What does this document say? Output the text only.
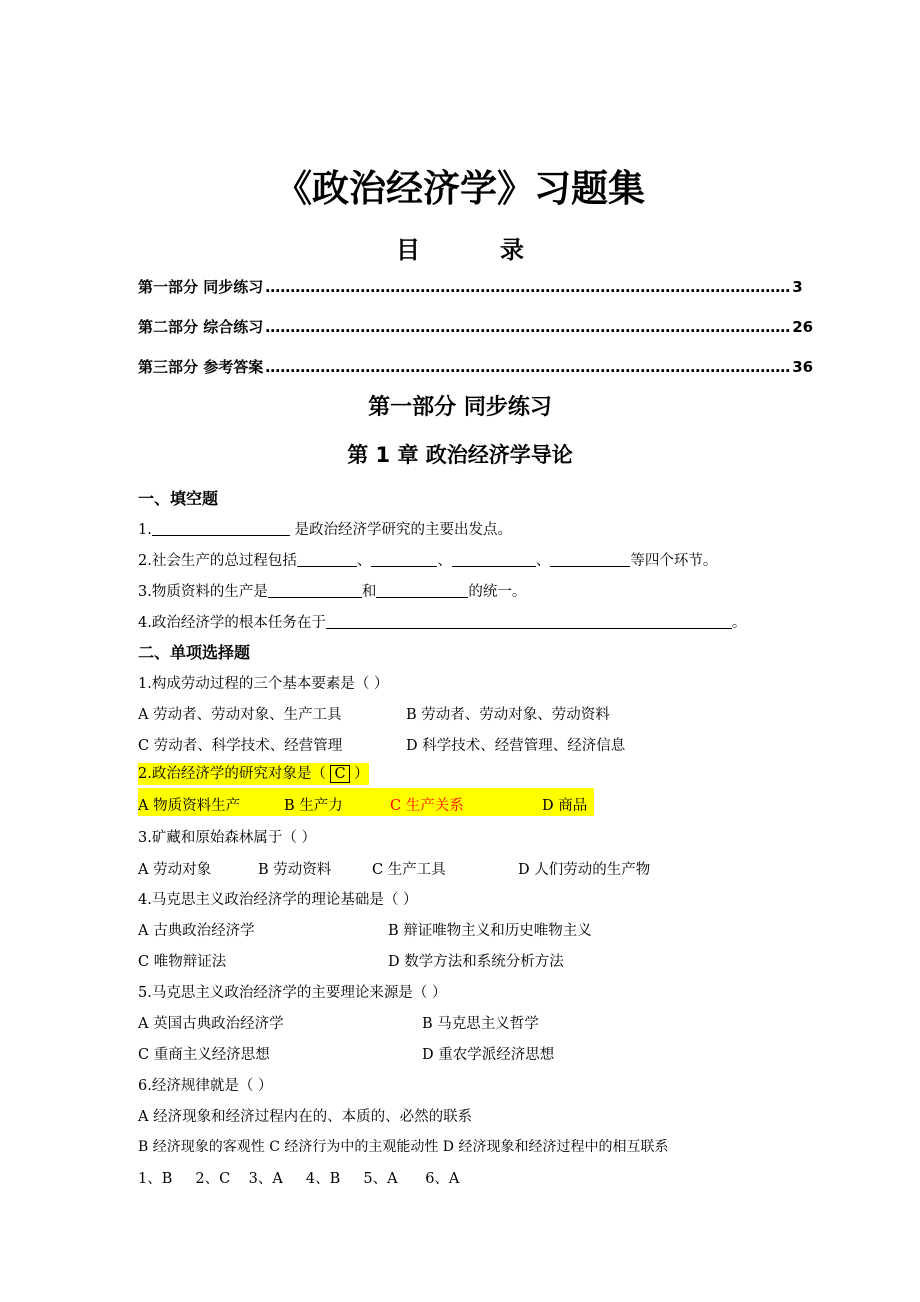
《政治经济学》习题集
目	录
第一部分 同步练习 …………………………………………………………………………………………… 3
第二部分 综合练习 …………………………………………………………………………………………… 26
第三部分 参考答案 …………………………………………………………………………………………… 36
第一部分 同步练习
第 1 章 政治经济学导论
一、填空题
1.	是政治经济学研究的主要出发点。
2.社会生产的总过程包括	、	、	、	等四个环节。
3.物质资料的生产是	和	的统一。
4.政治经济学的根本任务在于	。
二、单项选择题
1.构成劳动过程的三个基本要素是（ ）
A 劳动者、劳动对象、生产工具	B 劳动者、劳动对象、劳动资料
C 劳动者、科学技术、经营管理	D 科学技术、经营管理、经济信息
2.政治经济学的研究对象是（ C ）
A 物质资料生产	B 生产力	C 生产关系	D 商品
3.矿藏和原始森林属于（ ）
A 劳动对象	B 劳动资料	C 生产工具	D 人们劳动的生产物
4.马克思主义政治经济学的理论基础是（ ）
A 古典政治经济学	B 辩证唯物主义和历史唯物主义
C 唯物辩证法	D 数学方法和系统分析方法
5.马克思主义政治经济学的主要理论来源是（ ）
A 英国古典政治经济学	B 马克思主义哲学
C 重商主义经济思想	D 重农学派经济思想
6.经济规律就是（ ）
A 经济现象和经济过程内在的、本质的、必然的联系
B 经济现象的客观性 C 经济行为中的主观能动性 D 经济现象和经济过程中的相互联系
1、B     2、C    3、A     4、B     5、A      6、A
